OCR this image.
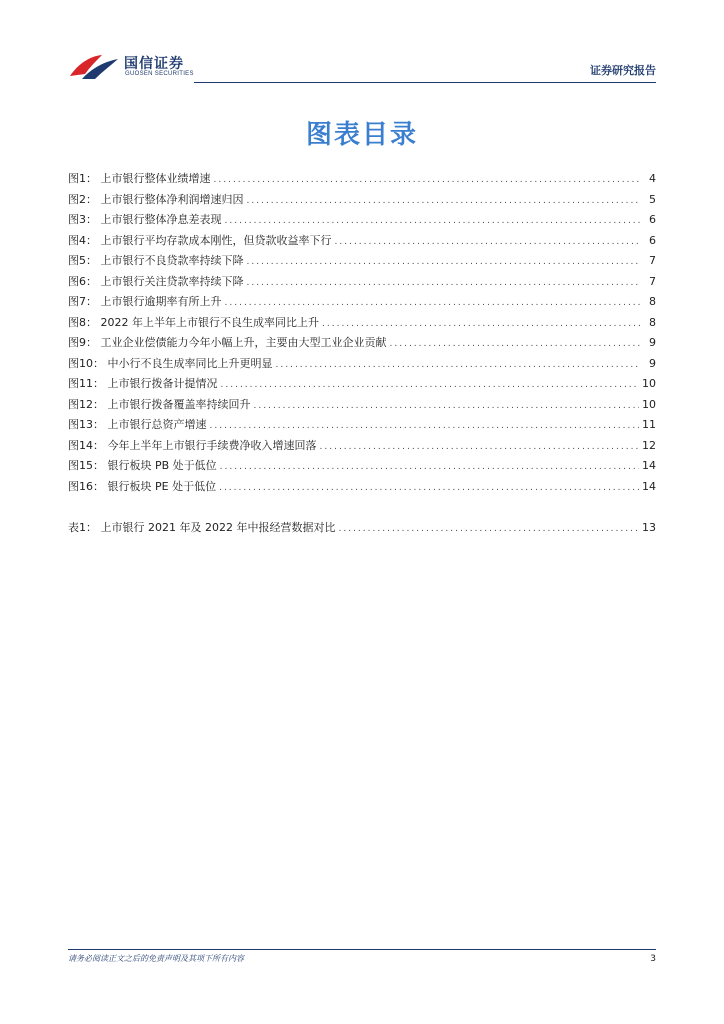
国信证券
GUOSEN SECURITIES	证券研究报告
图表目录
图1： 上市银行整体业绩增速 .....	4
图2： 上市银行整体净利润增速归因 .....	5
图3： 上市银行整体净息差表现 .....	6
图4： 上市银行平均存款成本刚性，但贷款收益率下行 .....	6
图5： 上市银行不良贷款率持续下降 .....	7
图6： 上市银行关注贷款率持续下降 .....	7
图7： 上市银行逾期率有所上升 .....	8
图8： 2022 年上半年上市银行不良生成率同比上升 .....	8
图9： 工业企业偿债能力今年小幅上升，主要由大型工业企业贡献 .....	9
图10： 中小行不良生成率同比上升更明显 .....	9
图11： 上市银行拨备计提情况 .....	10
图12： 上市银行拨备覆盖率持续回升 .....	10
图13： 上市银行总资产增速 .....	11
图14： 今年上半年上市银行手续费净收入增速回落 .....	12
图15： 银行板块 PB 处于低位 .....	14
图16： 银行板块 PE 处于低位 .....	14
表1： 上市银行 2021 年及 2022 年中报经营数据对比 .....	13
请务必阅读正文之后的免责声明及其项下所有内容	3
